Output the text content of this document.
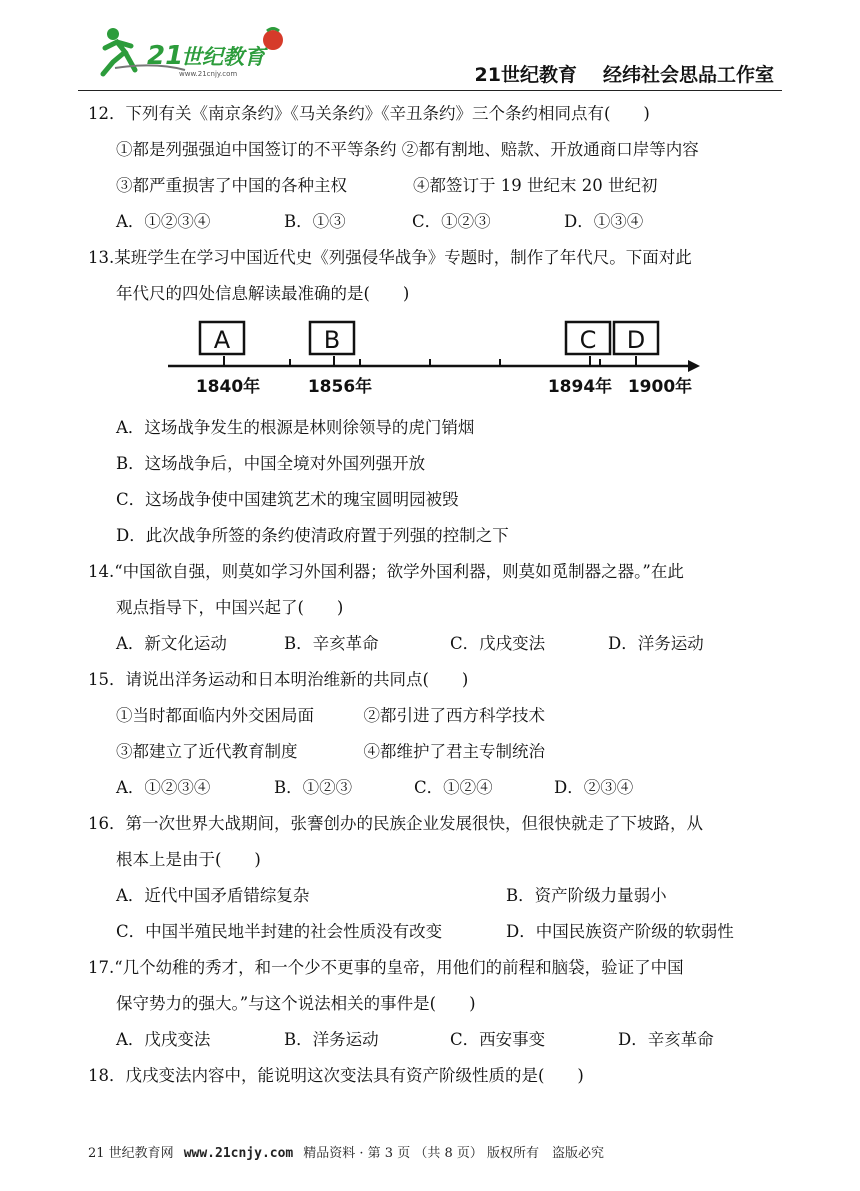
21
世纪教育
www.21cnjy.com	21世纪教育 经纬社会思品工作室
12．下列有关《南京条约》《马关条约》《辛丑条约》三个条约相同点有(　　)
①都是列强强迫中国签订的不平等条约 ②都有割地、赔款、开放通商口岸等内容
③都严重损害了中国的各种主权　　　　④都签订于 19 世纪末 20 世纪初
A．①②③④	B．①③	C．①②③	D．①③④
13.某班学生在学习中国近代史《列强侵华战争》专题时，制作了年代尺。下面对此
年代尺的四处信息解读最准确的是(　　)
A．这场战争发生的根源是林则徐领导的虎门销烟
B．这场战争后，中国全境对外国列强开放
C．这场战争使中国建筑艺术的瑰宝圆明园被毁
D．此次战争所签的条约使清政府置于列强的控制之下
14.“中国欲自强，则莫如学习外国利器；欲学外国利器，则莫如觅制器之器。”在此
观点指导下，中国兴起了(　　)
A．新文化运动	B．辛亥革命	C．戊戌变法	D．洋务运动
15．请说出洋务运动和日本明治维新的共同点(　　)
①当时都面临内外交困局面　　　②都引进了西方科学技术
③都建立了近代教育制度　　　　④都维护了君主专制统治
A．①②③④	B．①②③	C．①②④	D．②③④
16．第一次世界大战期间，张謇创办的民族企业发展很快，但很快就走了下坡路，从
根本上是由于(　　)
A．近代中国矛盾错综复杂	B．资产阶级力量弱小
C．中国半殖民地半封建的社会性质没有改变	D．中国民族资产阶级的软弱性
17.“几个幼稚的秀才，和一个少不更事的皇帝，用他们的前程和脑袋，验证了中国
保守势力的强大。”与这个说法相关的事件是(　　)
A．戊戌变法	B．洋务运动	C．西安事变	D．辛亥革命
18．戊戌变法内容中，能说明这次变法具有资产阶级性质的是(　　)
A	B	C D
1840年	1856年	1894年 1900年
21 世纪教育网 www.21cnjy.com 精品资料 · 第 3 页 （共 8 页） 版权所有　盗版必究
